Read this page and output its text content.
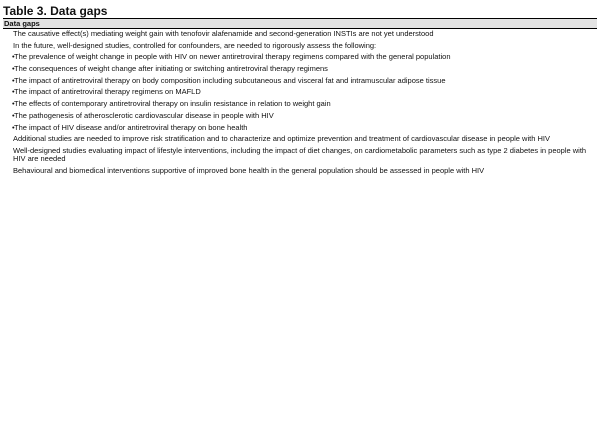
Table 3. Data gaps
Data gaps
The causative effect(s) mediating weight gain with tenofovir alafenamide and second-generation INSTIs are not yet understood
In the future, well-designed studies, controlled for confounders, are needed to rigorously assess the following:
• The prevalence of weight change in people with HIV on newer antiretroviral therapy regimens compared with the general population
• The consequences of weight change after initiating or switching antiretroviral therapy regimens
• The impact of antiretroviral therapy on body composition including subcutaneous and visceral fat and intramuscular adipose tissue
• The impact of antiretroviral therapy regimens on MAFLD
• The effects of contemporary antiretroviral therapy on insulin resistance in relation to weight gain
• The pathogenesis of atherosclerotic cardiovascular disease in people with HIV
• The impact of HIV disease and/or antiretroviral therapy on bone health
Additional studies are needed to improve risk stratification and to characterize and optimize prevention and treatment of cardiovascular disease in people with HIV
Well-designed studies evaluating impact of lifestyle interventions, including the impact of diet changes, on cardiometabolic parameters such as type 2 diabetes in people with HIV are needed
Behavioural and biomedical interventions supportive of improved bone health in the general population should be assessed in people with HIV
